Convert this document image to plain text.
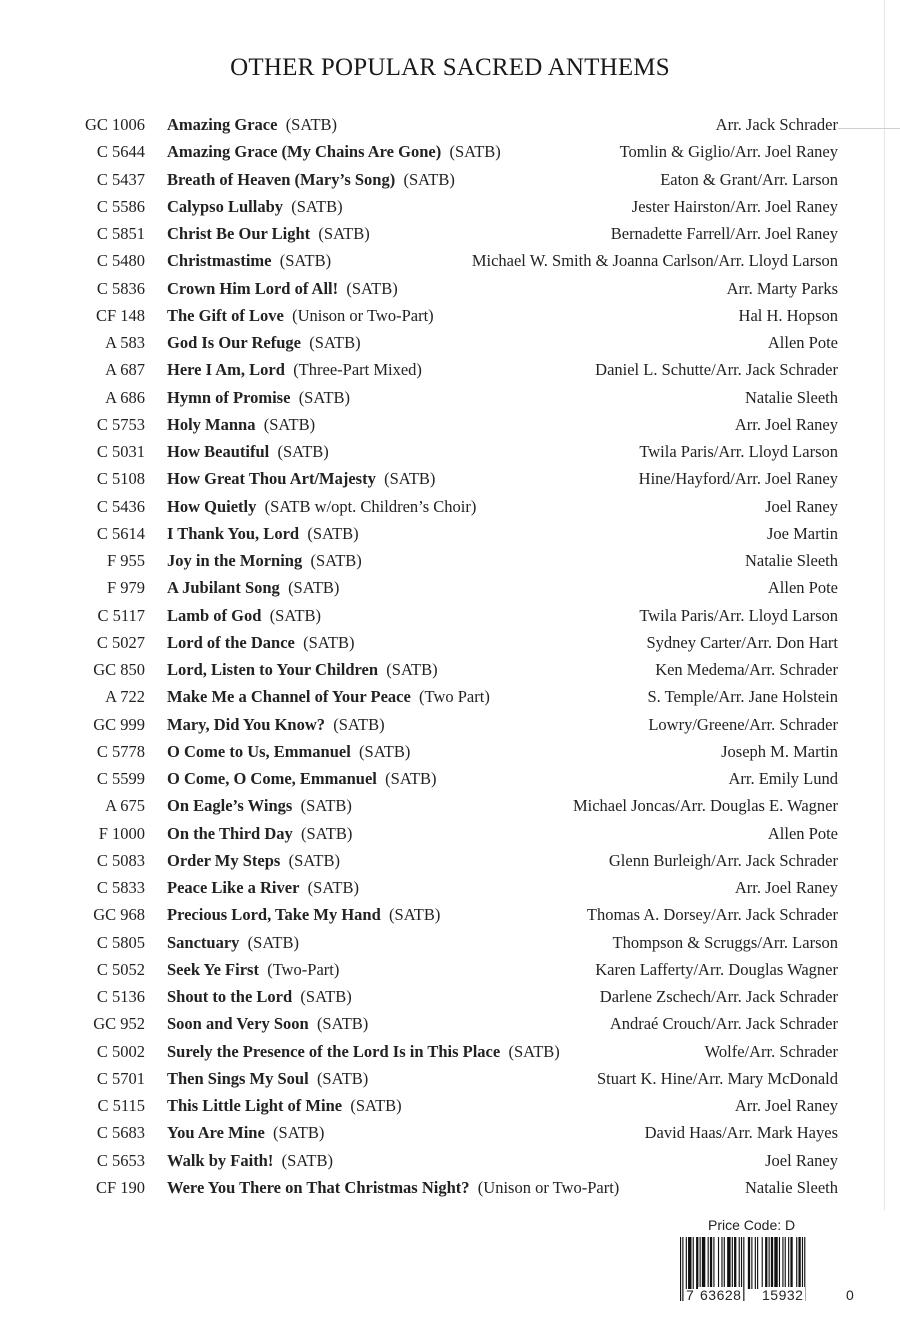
OTHER POPULAR SACRED ANTHEMS
GC 1006 Amazing Grace (SATB)	Arr. Jack Schrader
C 5644 Amazing Grace (My Chains Are Gone) (SATB)	Tomlin & Giglio/Arr. Joel Raney
C 5437 Breath of Heaven (Mary’s Song) (SATB)	Eaton & Grant/Arr. Larson
C 5586 Calypso Lullaby (SATB)	Jester Hairston/Arr. Joel Raney
C 5851 Christ Be Our Light (SATB)	Bernadette Farrell/Arr. Joel Raney
C 5480 Christmastime (SATB)	Michael W. Smith & Joanna Carlson/Arr. Lloyd Larson
C 5836 Crown Him Lord of All! (SATB)	Arr. Marty Parks
CF 148 The Gift of Love (Unison or Two-Part)	Hal H. Hopson
A 583 God Is Our Refuge (SATB)	Allen Pote
A 687 Here I Am, Lord (Three-Part Mixed)	Daniel L. Schutte/Arr. Jack Schrader
A 686 Hymn of Promise (SATB)	Natalie Sleeth
C 5753 Holy Manna (SATB)	Arr. Joel Raney
C 5031 How Beautiful (SATB)	Twila Paris/Arr. Lloyd Larson
C 5108 How Great Thou Art/Majesty (SATB)	Hine/Hayford/Arr. Joel Raney
C 5436 How Quietly (SATB w/opt. Children’s Choir)	Joel Raney
C 5614 I Thank You, Lord (SATB)	Joe Martin
F 955 Joy in the Morning (SATB)	Natalie Sleeth
F 979 A Jubilant Song (SATB)	Allen Pote
C 5117 Lamb of God (SATB)	Twila Paris/Arr. Lloyd Larson
C 5027 Lord of the Dance (SATB)	Sydney Carter/Arr. Don Hart
GC 850 Lord, Listen to Your Children (SATB)	Ken Medema/Arr. Schrader
A 722 Make Me a Channel of Your Peace (Two Part)	S. Temple/Arr. Jane Holstein
GC 999 Mary, Did You Know? (SATB)	Lowry/Greene/Arr. Schrader
C 5778 O Come to Us, Emmanuel (SATB)	Joseph M. Martin
C 5599 O Come, O Come, Emmanuel (SATB)	Arr. Emily Lund
A 675 On Eagle’s Wings (SATB)	Michael Joncas/Arr. Douglas E. Wagner
F 1000 On the Third Day (SATB)	Allen Pote
C 5083 Order My Steps (SATB)	Glenn Burleigh/Arr. Jack Schrader
C 5833 Peace Like a River (SATB)	Arr. Joel Raney
GC 968 Precious Lord, Take My Hand (SATB)	Thomas A. Dorsey/Arr. Jack Schrader
C 5805 Sanctuary (SATB)	Thompson & Scruggs/Arr. Larson
C 5052 Seek Ye First (Two-Part)	Karen Lafferty/Arr. Douglas Wagner
C 5136 Shout to the Lord (SATB)	Darlene Zschech/Arr. Jack Schrader
GC 952 Soon and Very Soon (SATB)	Andraé Crouch/Arr. Jack Schrader
C 5002 Surely the Presence of the Lord Is in This Place (SATB)	Wolfe/Arr. Schrader
C 5701 Then Sings My Soul (SATB)	Stuart K. Hine/Arr. Mary McDonald
C 5115 This Little Light of Mine (SATB)	Arr. Joel Raney
C 5683 You Are Mine (SATB)	David Haas/Arr. Mark Hayes
C 5653 Walk by Faith! (SATB)	Joel Raney
CF 190 Were You There on That Christmas Night? (Unison or Two-Part)	Natalie Sleeth
Price Code: D
7 63628 15932	0
